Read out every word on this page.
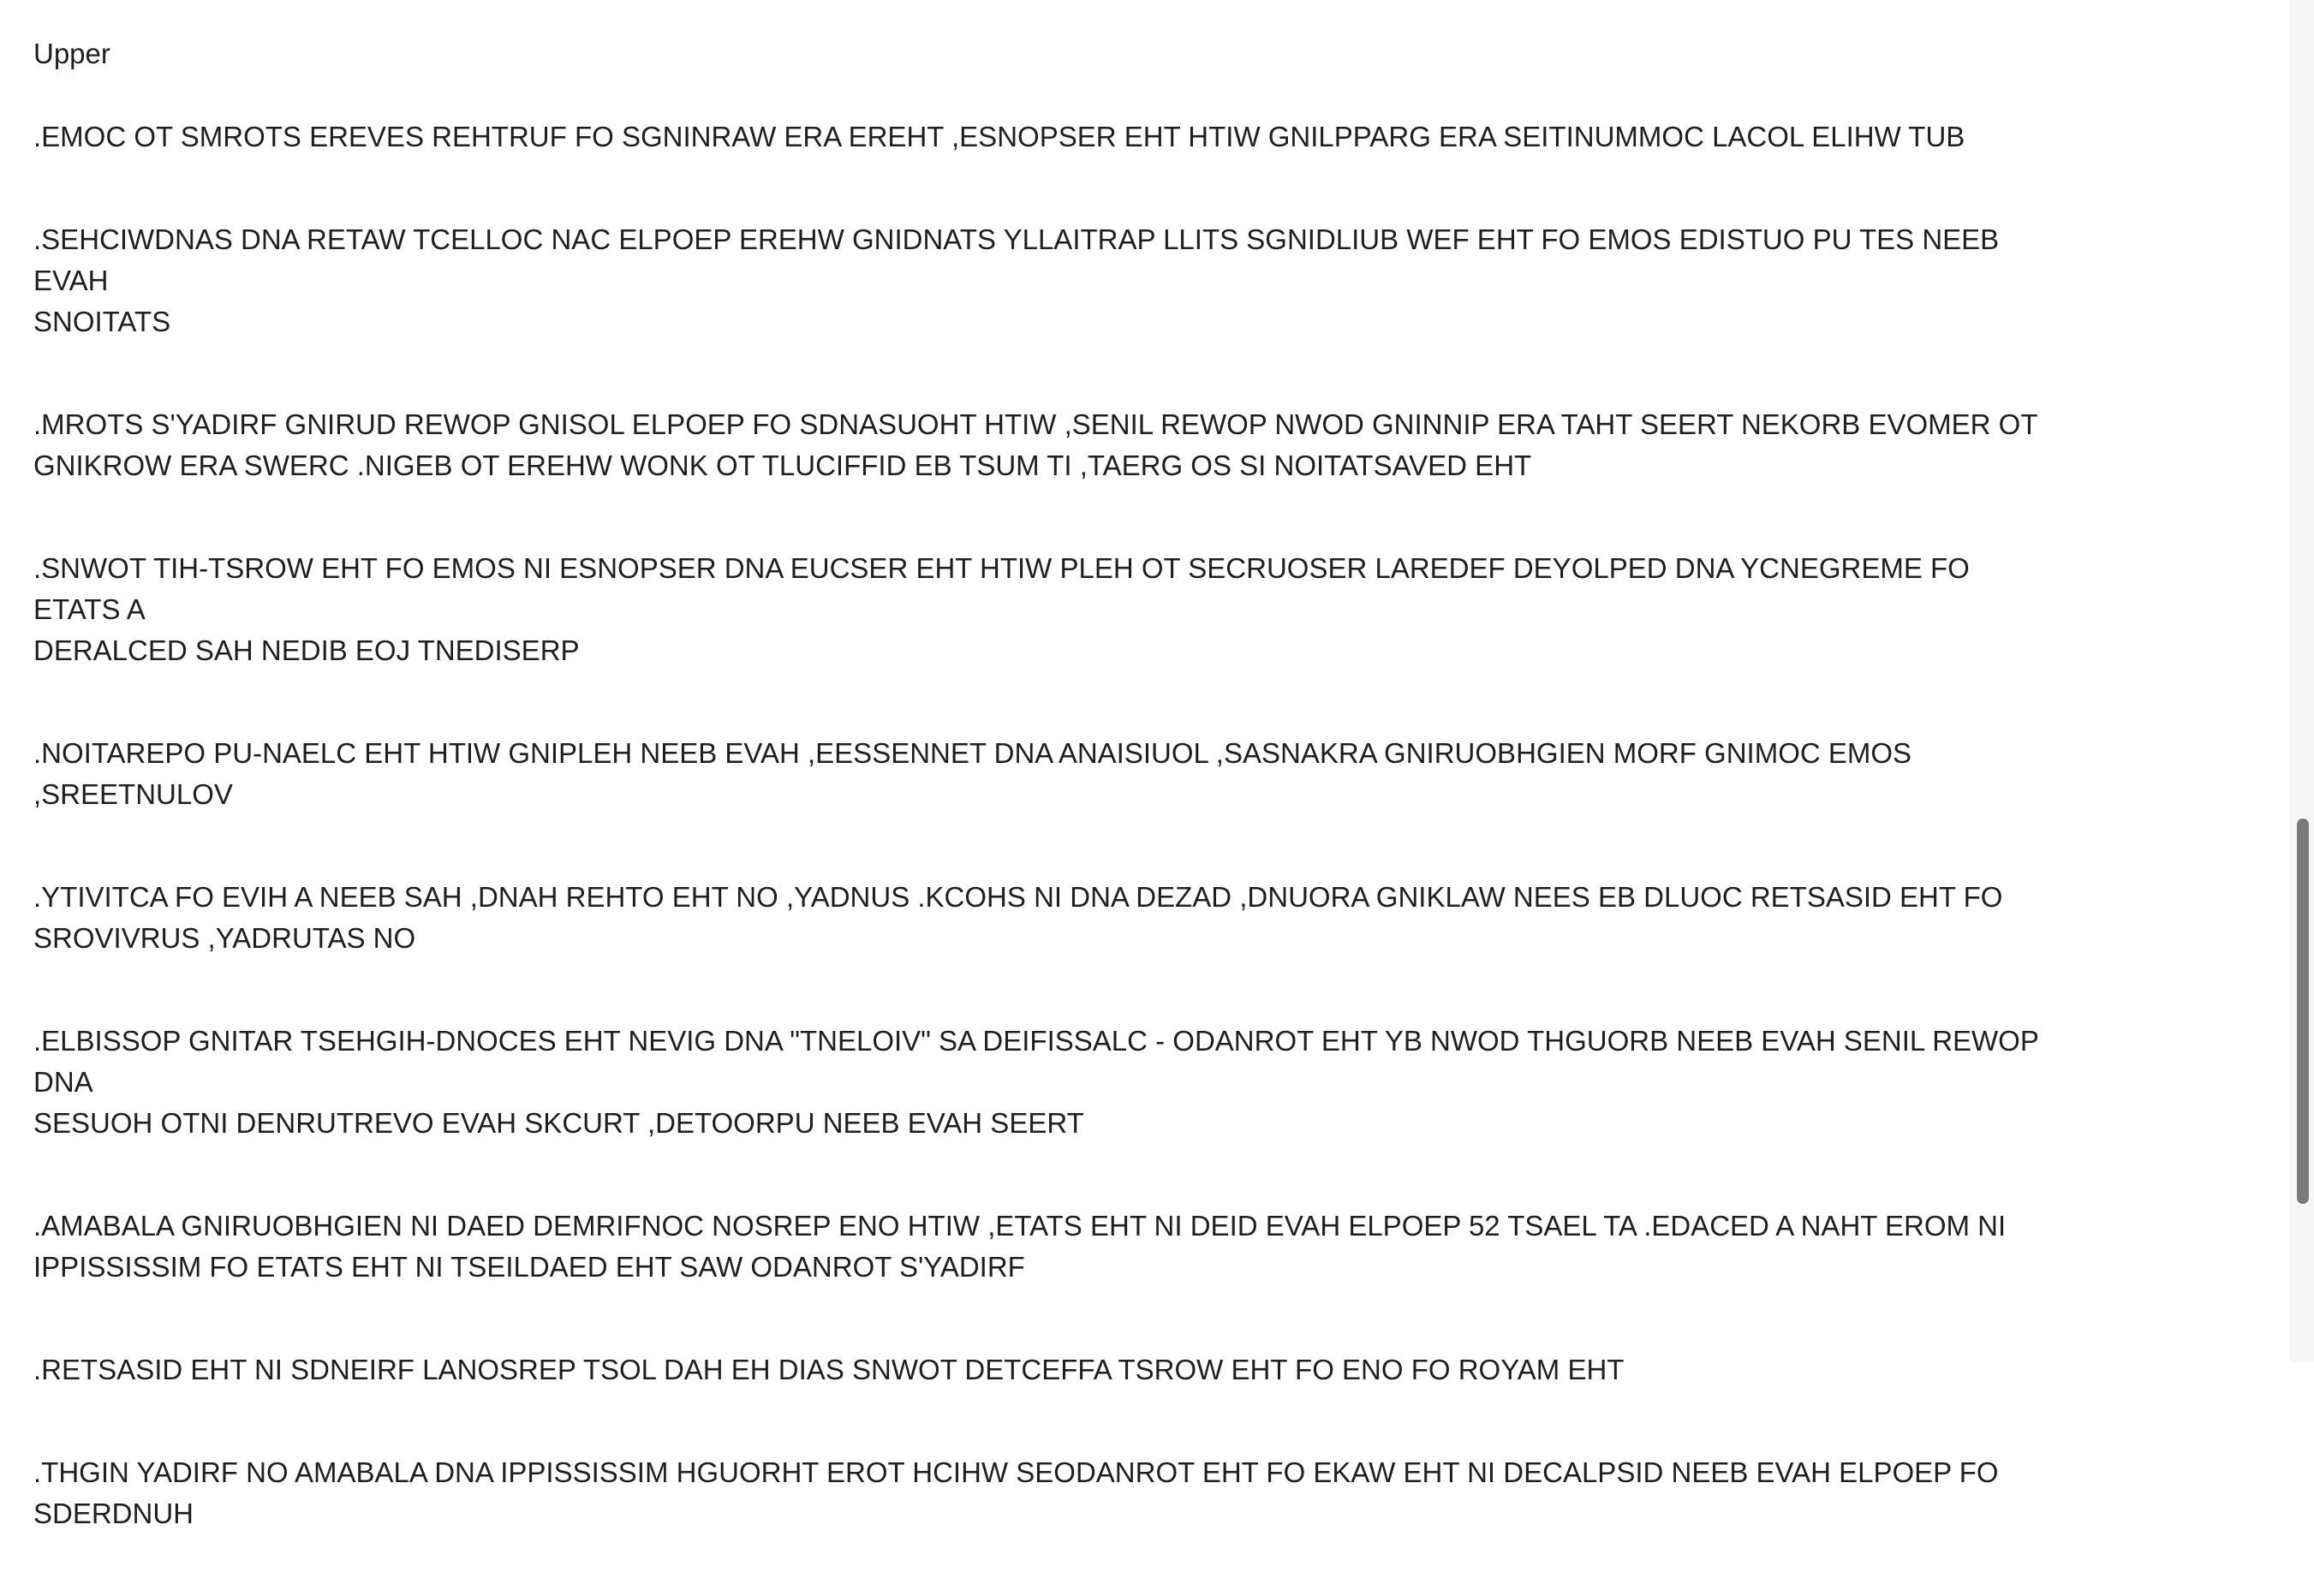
Upper

.EMOC OT SMROTS EREVES REHTRUF FO SGNINRAW ERA EREHT ,ESNOPSER EHT HTIW GNILPPARG ERA SEITINUMMOC LACOL ELIHW TUB

.SEHCIWDNAS DNA RETAW TCELLOC NAC ELPOEP EREHW GNIDNATS YLLAITRAP LLITS SGNIDLIUB WEF EHT FO EMOS EDISTUO PU TES NEEB EVAH
SNOITATS

.MROTS S'YADIRF GNIRUD REWOP GNISOL ELPOEP FO SDNASUOHT HTIW ,SENIL REWOP NWOD GNINNIP ERA TAHT SEERT NEKORB EVOMER OT
GNIKROW ERA SWERC .NIGEB OT EREHW WONK OT TLUCIFFID EB TSUM TI ,TAERG OS SI NOITATSAVED EHT

.SNWOT TIH-TSROW EHT FO EMOS NI ESNOPSER DNA EUCSER EHT HTIW PLEH OT SECRUOSER LAREDEF DEYOLPED DNA YCNEGREME FO ETATS A
DERALCED SAH NEDIB EOJ TNEDISERP

.NOITAREPO PU-NAELC EHT HTIW GNIPLEH NEEB EVAH ,EESSENNET DNA ANAISIUOL ,SASNAKRA GNIRUOBHGIEN MORF GNIMOC EMOS ,SREETNULOV

.YTIVITCA FO EVIH A NEEB SAH ,DNAH REHTO EHT NO ,YADNUS .KCOHS NI DNA DEZAD ,DNUORA GNIKLAW NEES EB DLUOC RETSASID EHT FO
SROVIVRUS ,YADRUTAS NO

.ELBISSOP GNITAR TSEHGIH-DNOCES EHT NEVIG DNA "TNELOIV" SA DEIFISSALC - ODANROT EHT YB NWOD THGUORB NEEB EVAH SENIL REWOP DNA
SESUOH OTNI DENRUTREVO EVAH SKCURT ,DETOORPU NEEB EVAH SEERT

.AMABALA GNIRUOBHGIEN NI DAED DEMRIFNOC NOSREP ENO HTIW ,ETATS EHT NI DEID EVAH ELPOEP 52 TSAEL TA .EDACED A NAHT EROM NI
IPPISSISSIM FO ETATS EHT NI TSEILDAED EHT SAW ODANROT S'YADIRF

.RETSASID EHT NI SDNEIRF LANOSREP TSOL DAH EH DIAS SNWOT DETCEFFA TSROW EHT FO ENO FO ROYAM EHT

.THGIN YADIRF NO AMABALA DNA IPPISSISSIM HGUORHT EROT HCIHW SEODANROT EHT FO EKAW EHT NI DECALPSID NEEB EVAH ELPOEP FO SDERDNUH
